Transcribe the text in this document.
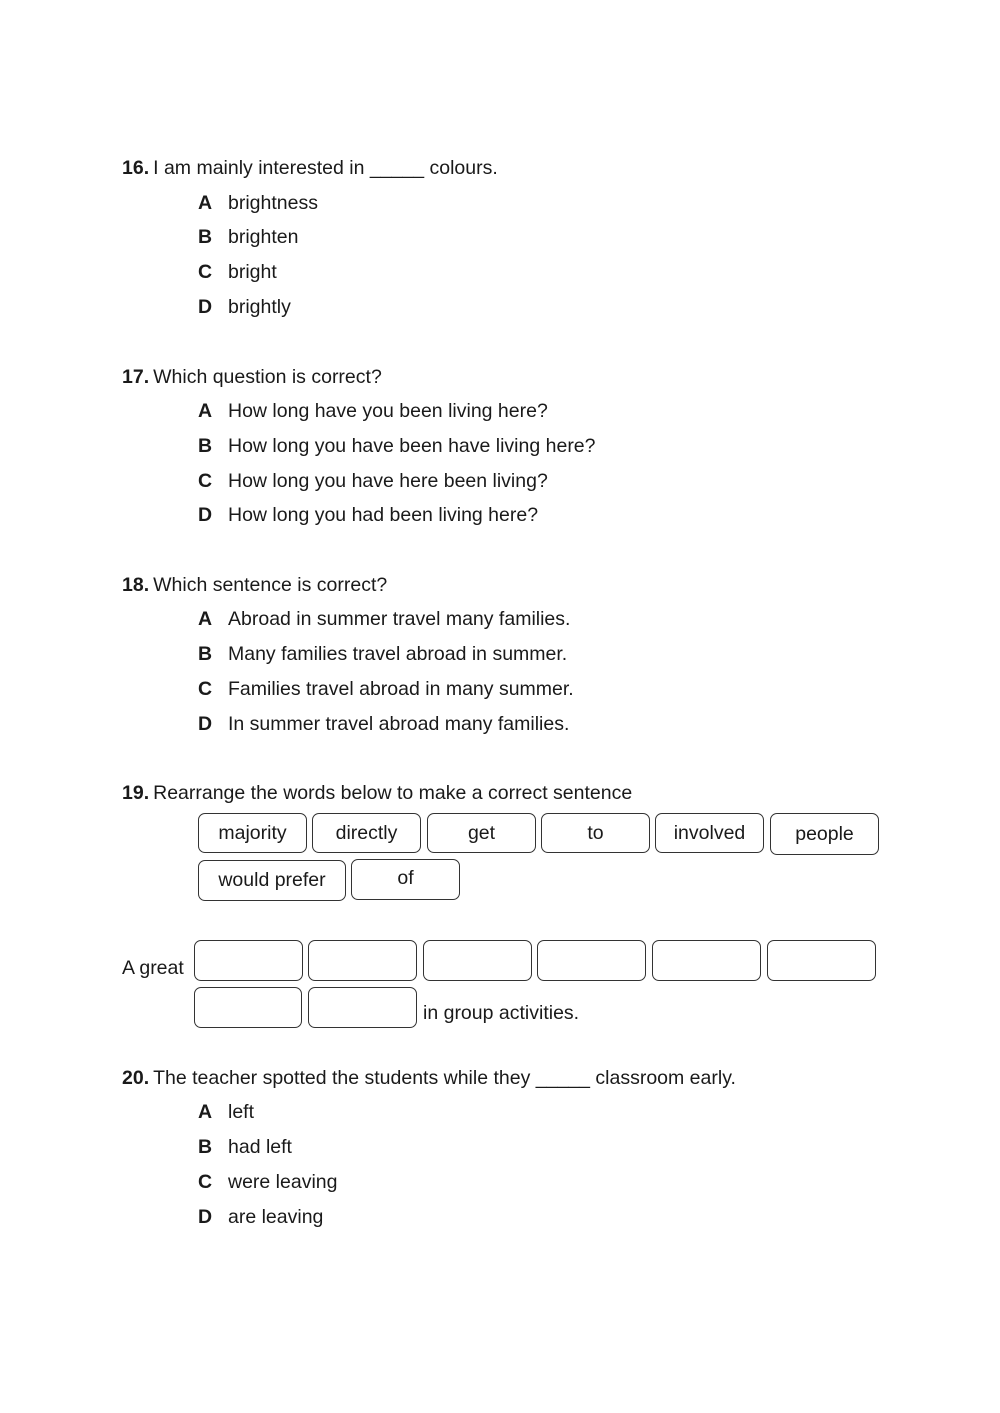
16. I am mainly interested in _____ colours.
A brightness
B brighten
C bright
D brightly
17. Which question is correct?
A How long have you been living here?
B How long you have been have living here?
C How long you have here been living?
D How long you had been living here?
18. Which sentence is correct?
A Abroad in summer travel many families.
B Many families travel abroad in summer.
C Families travel abroad in many summer.
D In summer travel abroad many families.
19. Rearrange the words below to make a correct sentence
majority	directly	get	to	involved	people
would prefer	of
A great
in group activities.
20. The teacher spotted the students while they _____ classroom early.
A left
B had left
C were leaving
D are leaving
